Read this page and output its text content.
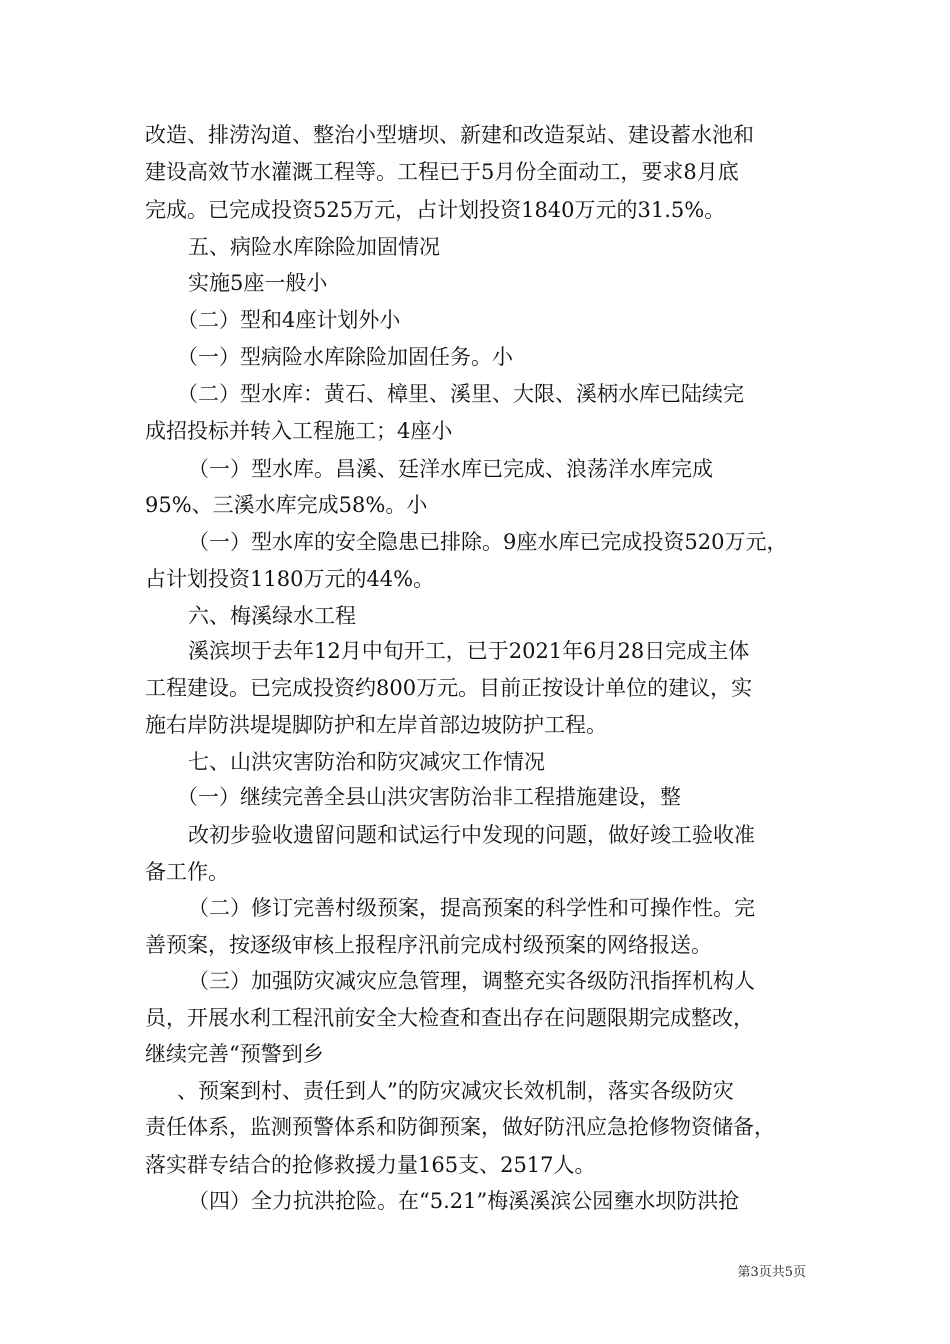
改造、排涝沟道、整治小型塘坝、新建和改造泵站、建设蓄水池和
建设高效节水灌溉工程等。工程已于5月份全面动工，要求8月底
完成。已完成投资525万元，占计划投资1840万元的31.5%。
五、病险水库除险加固情况
实施5座一般小
（二）型和4座计划外小
（一）型病险水库除险加固任务。小
（二）型水库：黄石、樟里、溪里、大限、溪柄水库已陆续完
成招投标并转入工程施工；4座小
（一）型水库。昌溪、廷洋水库已完成、浪荡洋水库完成
95%、三溪水库完成58%。小
（一）型水库的安全隐患已排除。9座水库已完成投资520万元，
占计划投资1180万元的44%。
六、梅溪绿水工程
溪滨坝于去年12月中旬开工，已于2021年6月28日完成主体
工程建设。已完成投资约800万元。目前正按设计单位的建议，实
施右岸防洪堤堤脚防护和左岸首部边坡防护工程。
七、山洪灾害防治和防灾减灾工作情况
（一）继续完善全县山洪灾害防治非工程措施建设，整
改初步验收遗留问题和试运行中发现的问题，做好竣工验收准
备工作。
（二）修订完善村级预案，提高预案的科学性和可操作性。完
善预案，按逐级审核上报程序汛前完成村级预案的网络报送。
（三）加强防灾减灾应急管理，调整充实各级防汛指挥机构人
员，开展水利工程汛前安全大检查和查出存在问题限期完成整改，
继续完善“预警到乡
、预案到村、责任到人”的防灾减灾长效机制，落实各级防灾
责任体系，监测预警体系和防御预案，做好防汛应急抢修物资储备，
落实群专结合的抢修救援力量165支、2517人。
（四）全力抗洪抢险。在“5.21”梅溪溪滨公园壅水坝防洪抢
第3页共5页
